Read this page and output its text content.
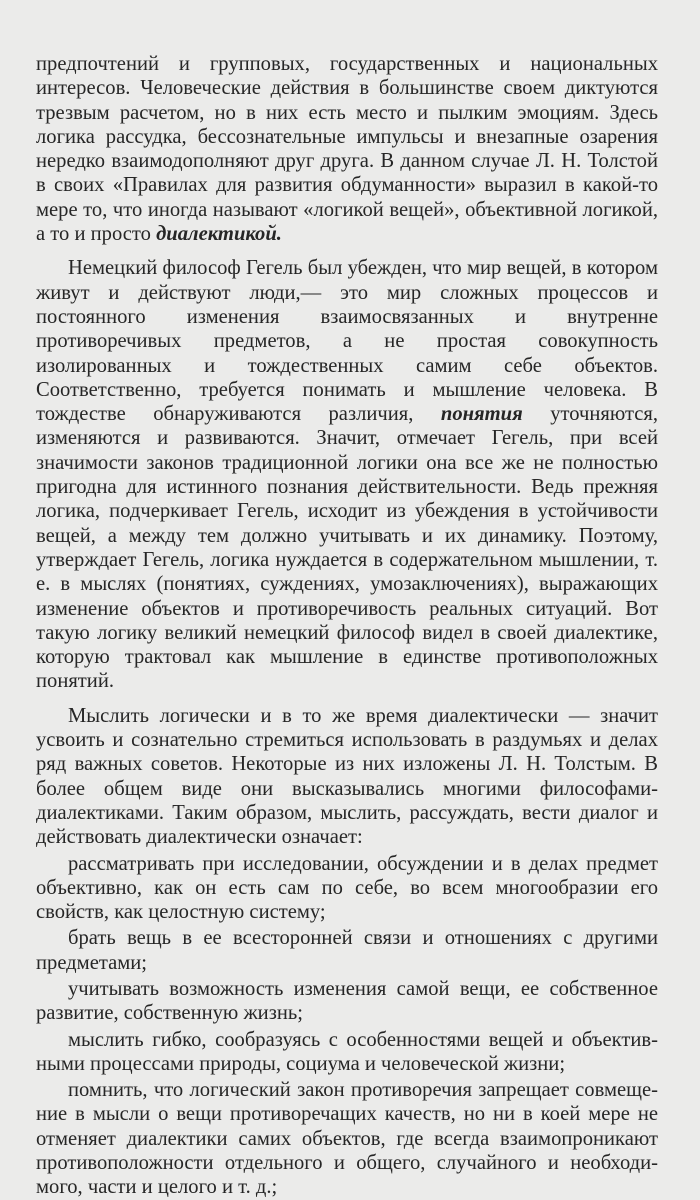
предпочтений и групповых, государственных и национальных интересов. Человеческие действия в большинстве своем диктуются трезвым расчетом, но в них есть место и пылким эмоциям. Здесь логика рассудка, бессознательные импульсы и внезапные озарения нередко взаимодополняют друг друга. В данном случае Л. Н. Толстой в своих «Правилах для развития обдуманности» выразил в какой-то мере то, что иногда называют «логикой вещей», объективной логикой, а то и просто диалектикой.

Немецкий философ Гегель был убежден, что мир вещей, в котором живут и действуют люди,— это мир сложных процессов и постоянного изменения взаимосвязанных и внутренне противоречивых предметов, а не простая совокупность изолированных и тождественных самим себе объектов. Соответственно, требуется понимать и мышление человека. В тождестве обнаруживаются различия, понятия уточняются, изменяются и развиваются. Значит, отмечает Гегель, при всей значимости законов традиционной логики она все же не полностью пригодна для истинного познания действительности. Ведь прежняя логика, подчеркивает Гегель, исходит из убеждения в устойчивости вещей, а между тем должно учитывать и их динамику. Поэтому, утверждает Гегель, логика нуждается в содержательном мышлении, т. е. в мыслях (понятиях, суждениях, умозаключениях), выражающих изменение объектов и противоречивость реальных ситуаций. Вот такую логику великий немецкий философ видел в своей диалектике, которую трактовал как мышление в единстве противоположных понятий.

Мыслить логически и в то же время диалектически — значит усвоить и сознательно стремиться использовать в раздумьях и делах ряд важных советов. Некоторые из них изложены Л. Н. Толстым. В более общем виде они высказывались многими философами-диалектиками. Таким образом, мыслить, рассуждать, вести диалог и действовать диалектически означает:

рассматривать при исследовании, обсуждении и в делах предмет объективно, как он есть сам по себе, во всем многообразии его свойств, как целостную систему;

брать вещь в ее всесторонней связи и отношениях с другими предметами;

учитывать возможность изменения самой вещи, ее собственное развитие, собственную жизнь;

мыслить гибко, сообразуясь с особенностями вещей и объективными процессами природы, социума и человеческой жизни;

помнить, что логический закон противоречия запрещает совмещение в мысли о вещи противоречащих качеств, но ни в коей мере не отменяет диалектики самих объектов, где всегда взаимопроникают противоположности отдельного и общего, случайного и необходимого, части и целого и т. д.;
